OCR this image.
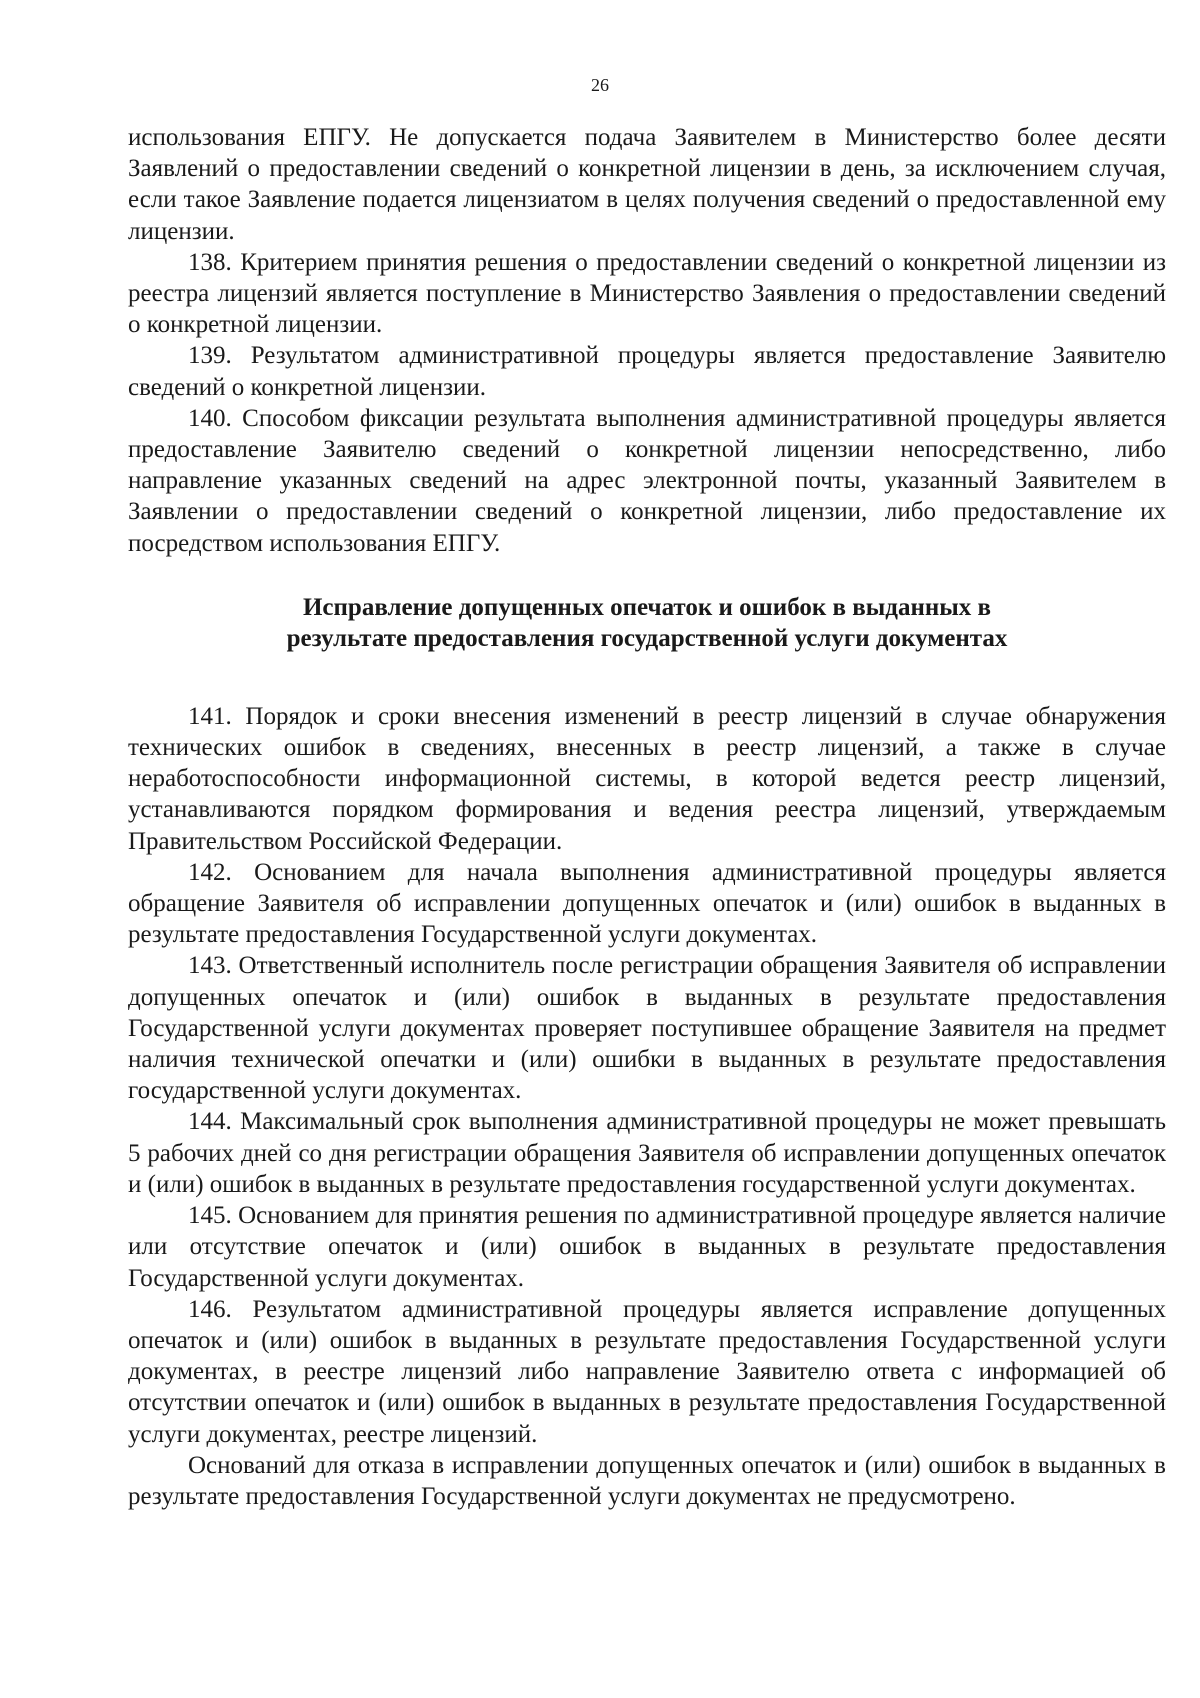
26

использования ЕПГУ. Не допускается подача Заявителем в Министерство более десяти Заявлений о предоставлении сведений о конкретной лицензии в день, за исключением случая, если такое Заявление подается лицензиатом в целях получения сведений о предоставленной ему лицензии.

138. Критерием принятия решения о предоставлении сведений о конкретной лицензии из реестра лицензий является поступление в Министерство Заявления о предоставлении сведений о конкретной лицензии.

139. Результатом административной процедуры является предоставление Заявителю сведений о конкретной лицензии.

140. Способом фиксации результата выполнения административной процедуры является предоставление Заявителю сведений о конкретной лицензии непосредственно, либо направление указанных сведений на адрес электронной почты, указанный Заявителем в Заявлении о предоставлении сведений о конкретной лицензии, либо предоставление их посредством использования ЕПГУ.

Исправление допущенных опечаток и ошибок в выданных в
результате предоставления государственной услуги документах

141. Порядок и сроки внесения изменений в реестр лицензий в случае обнаружения технических ошибок в сведениях, внесенных в реестр лицензий, а также в случае неработоспособности информационной системы, в которой ведется реестр лицензий, устанавливаются порядком формирования и ведения реестра лицензий, утверждаемым Правительством Российской Федерации.

142. Основанием для начала выполнения административной процедуры является обращение Заявителя об исправлении допущенных опечаток и (или) ошибок в выданных в результате предоставления Государственной услуги документах.

143. Ответственный исполнитель после регистрации обращения Заявителя об исправлении допущенных опечаток и (или) ошибок в выданных в результате предоставления Государственной услуги документах проверяет поступившее обращение Заявителя на предмет наличия технической опечатки и (или) ошибки в выданных в результате предоставления государственной услуги документах.

144. Максимальный срок выполнения административной процедуры не может превышать 5 рабочих дней со дня регистрации обращения Заявителя об исправлении допущенных опечаток и (или) ошибок в выданных в результате предоставления государственной услуги документах.

145. Основанием для принятия решения по административной процедуре является наличие или отсутствие опечаток и (или) ошибок в выданных в результате предоставления Государственной услуги документах.

146. Результатом административной процедуры является исправление допущенных опечаток и (или) ошибок в выданных в результате предоставления Государственной услуги документах, в реестре лицензий либо направление Заявителю ответа с информацией об отсутствии опечаток и (или) ошибок в выданных в результате предоставления Государственной услуги документах, реестре лицензий.

Оснований для отказа в исправлении допущенных опечаток и (или) ошибок в выданных в результате предоставления Государственной услуги документах не предусмотрено.
